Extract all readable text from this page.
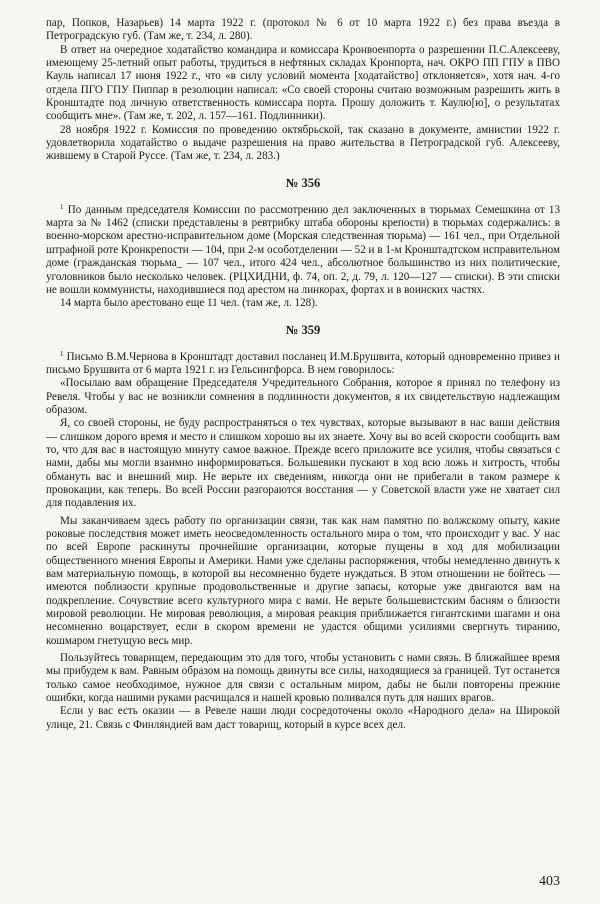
пар, Попков, Назарьев) 14 марта 1922 г. (протокол № 6 от 10 марта 1922 г.) без права въезда в Петроградскую губ. (Там же, т. 234, л. 280).

В ответ на очередное ходатайство командира и комиссара Кронвоенпорта о разрешении П.С.Алексееву, имеющему 25-летний опыт работы, трудиться в нефтяных складах Кронпорта, нач. ОКРО ПП ГПУ в ПВО Кауль написал 17 июня 1922 г., что «в силу условий момента [ходатайство] отклоняется», хотя нач. 4-го отдела ПГО ГПУ Пиппар в резолюции написал: «Со своей стороны считаю возможным разрешить жить в Кронштадте под личную ответственность комиссара порта. Прошу доложить т. Каулю[ю], о результатах сообщить мне». (Там же, т. 202, л. 157—161. Подлинники).

28 ноября 1922 г. Комиссия по проведению октябрьской, так сказано в документе, амнистии 1922 г. удовлетворила ходатайство о выдаче разрешения на право жительства в Петроградской губ. Алексееву, жившему в Старой Руссе. (Там же, т. 234, л. 283.)

№ 356

$^1$ По данным председателя Комиссии по рассмотрению дел заключенных в тюрьмах Семешкина от 13 марта за № 1462 (списки представлены в ревтрибку штаба обороны крепости) в тюрьмах содержались: в военно-морском арестно-исправительном доме (Морская следственная тюрьма) — 161 чел., при Отдельной штрафной роте Кронкрепости — 104, при 2-м особотделении — 52 и в 1-м Кронштадтском исправительном доме (гражданская тюрьма_ — 107 чел., итого 424 чел., абсолютное большинство из них политические, уголовников было несколько человек. (РЦХИДНИ, ф. 74, оп. 2, д. 79, л. 120—127 — списки). В эти списки не вошли коммунисты, находившиеся под арестом на линкорах, фортах и в воинских частях.

14 марта было арестовано еще 11 чел. (там же, л. 128).

№ 359

$^1$ Письмо В.М.Чернова в Кронштадт доставил посланец И.М.Брушвита, который одновременно привез и письмо Брушвита от 6 марта 1921 г. из Гельсингфорса. В нем говорилось:

«Посылаю вам обращение Председателя Учредительного Собрания, которое я принял по телефону из Ревеля. Чтобы у вас не возникли сомнения в подлинности документов, я их свидетельствую надлежащим образом.

Я, со своей стороны, не буду распространяться о тех чувствах, которые вызывают в нас ваши действия — слишком дорого время и место и слишком хорошо вы их знаете. Хочу вы во всей скорости сообщить вам то, что для вас в настоящую минуту самое важное. Прежде всего приложите все усилия, чтобы связаться с нами, дабы мы могли взаимно информироваться. Большевики пускают в ход всю ложь и хитрость, чтобы обмануть вас и внешний мир. Не верьте их сведениям, никогда они не прибегали в таком размере к провокации, как теперь. Во всей России разгораются восстания — у Советской власти уже не хватает сил для подавления их.

Мы заканчиваем здесь работу по организации связи, так как нам памятно по волжскому опыту, какие роковые последствия может иметь неосведомленность остального мира о том, что происходит у вас. У нас по всей Европе раскинуты прочнейшие организации, которые пущены в ход для мобилизации общественного мнения Европы и Америки. Нами уже сделаны распоряжения, чтобы немедленно двинуть к вам материальную помощь, в которой вы несомненно будете нуждаться. В этом отношении не бойтесь — имеются поблизости крупные продовольственные и другие запасы, которые уже двигаются вам на подкрепление. Сочувствие всего культурного мира с вами. Не верьте большевистским басням о близости мировой революции. Не мировая революция, а мировая реакция приближается гигантскими шагами и она несомненно воцарствует, если в скором времени не удастся общими усилиями свергнуть тиранию, кошмаром гнетущую весь мир.

Пользуйтесь товарищем, передающим это для того, чтобы установить с нами связь. В ближайшее время мы прибудем к вам. Равным образом на помощь двинуты все силы, находящиеся за границей. Тут останется только самое необходимое, нужное для связи с остальным миром, дабы не были повторены прежние ошибки, когда нашими руками расчищался и нашей кровью поливался путь для наших врагов.

Если у вас есть оказии — в Ревеле наши люди сосредоточены около «Народного дела» на Широкой улице, 21. Связь с Финляндией вам даст товарищ, который в курсе всех дел.

403
